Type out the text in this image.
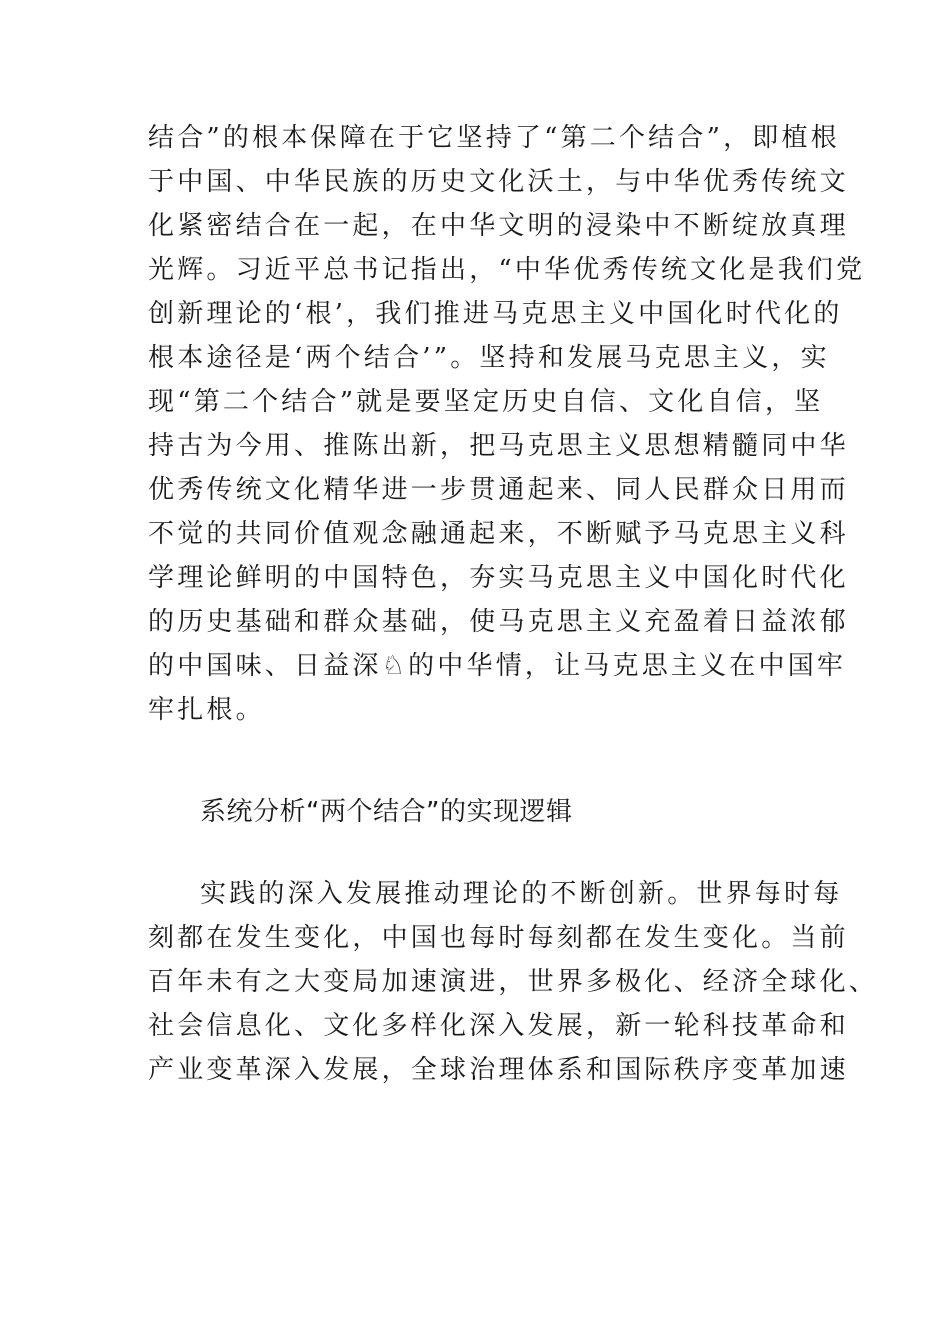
结合”的根本保障在于它坚持了“第二个结合”，即植根
于中国、中华民族的历史文化沃土，与中华优秀传统文
化紧密结合在一起，在中华文明的浸染中不断绽放真理
光辉。习近平总书记指出，“中华优秀传统文化是我们党
创新理论的‘根’，我们推进马克思主义中国化时代化的
根本途径是‘两个结合’”。坚持和发展马克思主义，实
现“第二个结合”就是要坚定历史自信、文化自信，坚
持古为今用、推陈出新，把马克思主义思想精髓同中华
优秀传统文化精华进一步贯通起来、同人民群众日用而
不觉的共同价值观念融通起来，不断赋予马克思主义科
学理论鲜明的中国特色，夯实马克思主义中国化时代化
的历史基础和群众基础，使马克思主义充盈着日益浓郁
的中国味、日益深♘的中华情，让马克思主义在中国牢
牢扎根。
系统分析“两个结合”的实现逻辑
实践的深入发展推动理论的不断创新。世界每时每
刻都在发生变化，中国也每时每刻都在发生变化。当前
百年未有之大变局加速演进，世界多极化、经济全球化、
社会信息化、文化多样化深入发展，新一轮科技革命和
产业变革深入发展，全球治理体系和国际秩序变革加速
